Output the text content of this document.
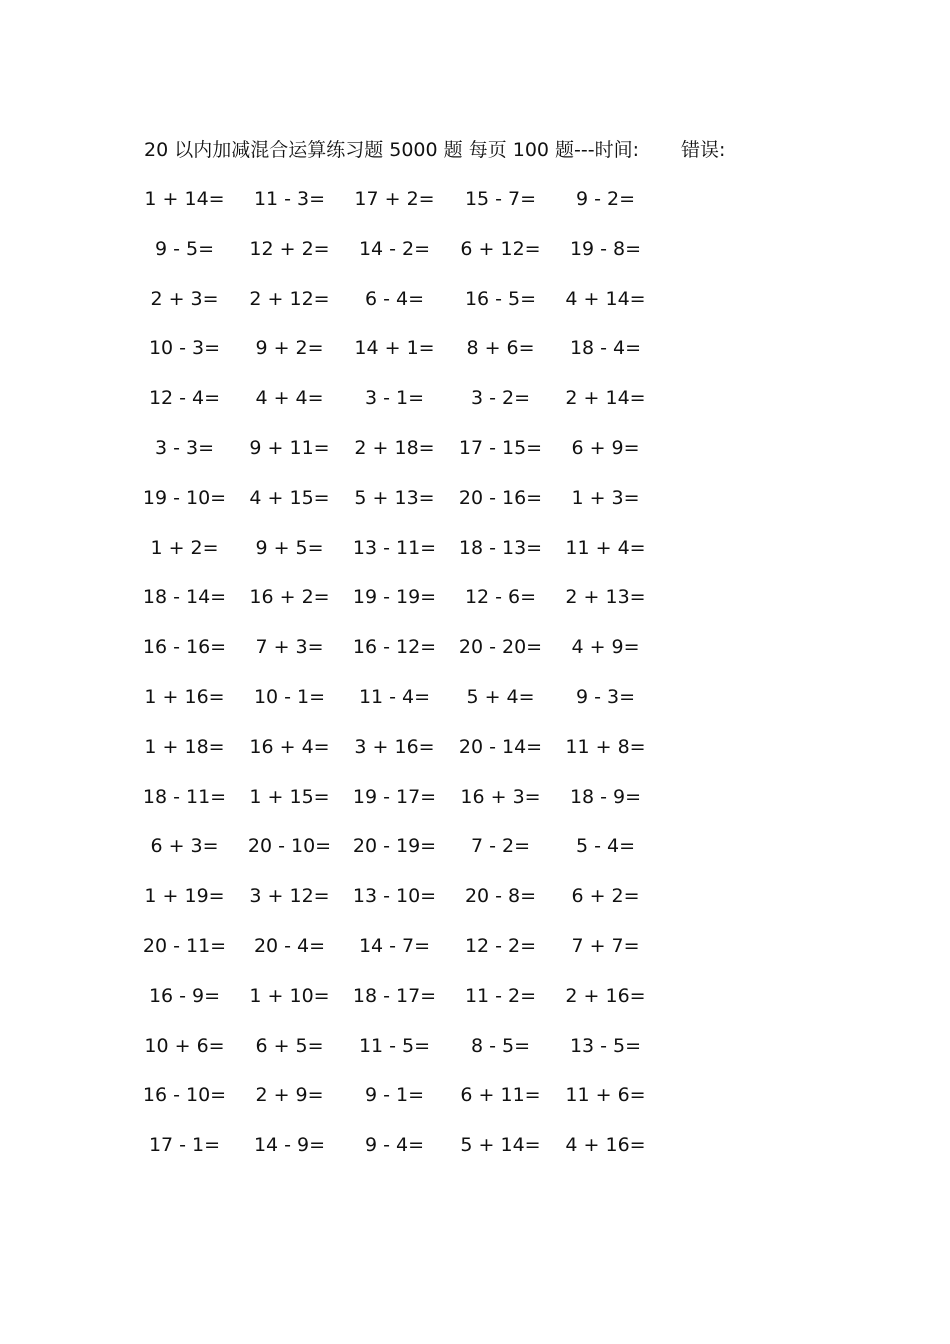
20 以内加减混合运算练习题 5000 题 每页 100 题---时间: 错误:
1 + 14=	11 - 3=	17 + 2=	15 - 7=	9 - 2=
9 - 5=	12 + 2=	14 - 2=	6 + 12=	19 - 8=
2 + 3=	2 + 12=	6 - 4=	16 - 5=	4 + 14=
10 - 3=	9 + 2=	14 + 1=	8 + 6=	18 - 4=
12 - 4=	4 + 4=	3 - 1=	3 - 2=	2 + 14=
3 - 3=	9 + 11=	2 + 18=	17 - 15=	6 + 9=
19 - 10=	4 + 15=	5 + 13=	20 - 16=	1 + 3=
1 + 2=	9 + 5=	13 - 11=	18 - 13=	11 + 4=
18 - 14=	16 + 2=	19 - 19=	12 - 6=	2 + 13=
16 - 16=	7 + 3=	16 - 12=	20 - 20=	4 + 9=
1 + 16=	10 - 1=	11 - 4=	5 + 4=	9 - 3=
1 + 18=	16 + 4=	3 + 16=	20 - 14=	11 + 8=
18 - 11=	1 + 15=	19 - 17=	16 + 3=	18 - 9=
6 + 3=	20 - 10=	20 - 19=	7 - 2=	5 - 4=
1 + 19=	3 + 12=	13 - 10=	20 - 8=	6 + 2=
20 - 11=	20 - 4=	14 - 7=	12 - 2=	7 + 7=
16 - 9=	1 + 10=	18 - 17=	11 - 2=	2 + 16=
10 + 6=	6 + 5=	11 - 5=	8 - 5=	13 - 5=
16 - 10=	2 + 9=	9 - 1=	6 + 11=	11 + 6=
17 - 1=	14 - 9=	9 - 4=	5 + 14=	4 + 16=
